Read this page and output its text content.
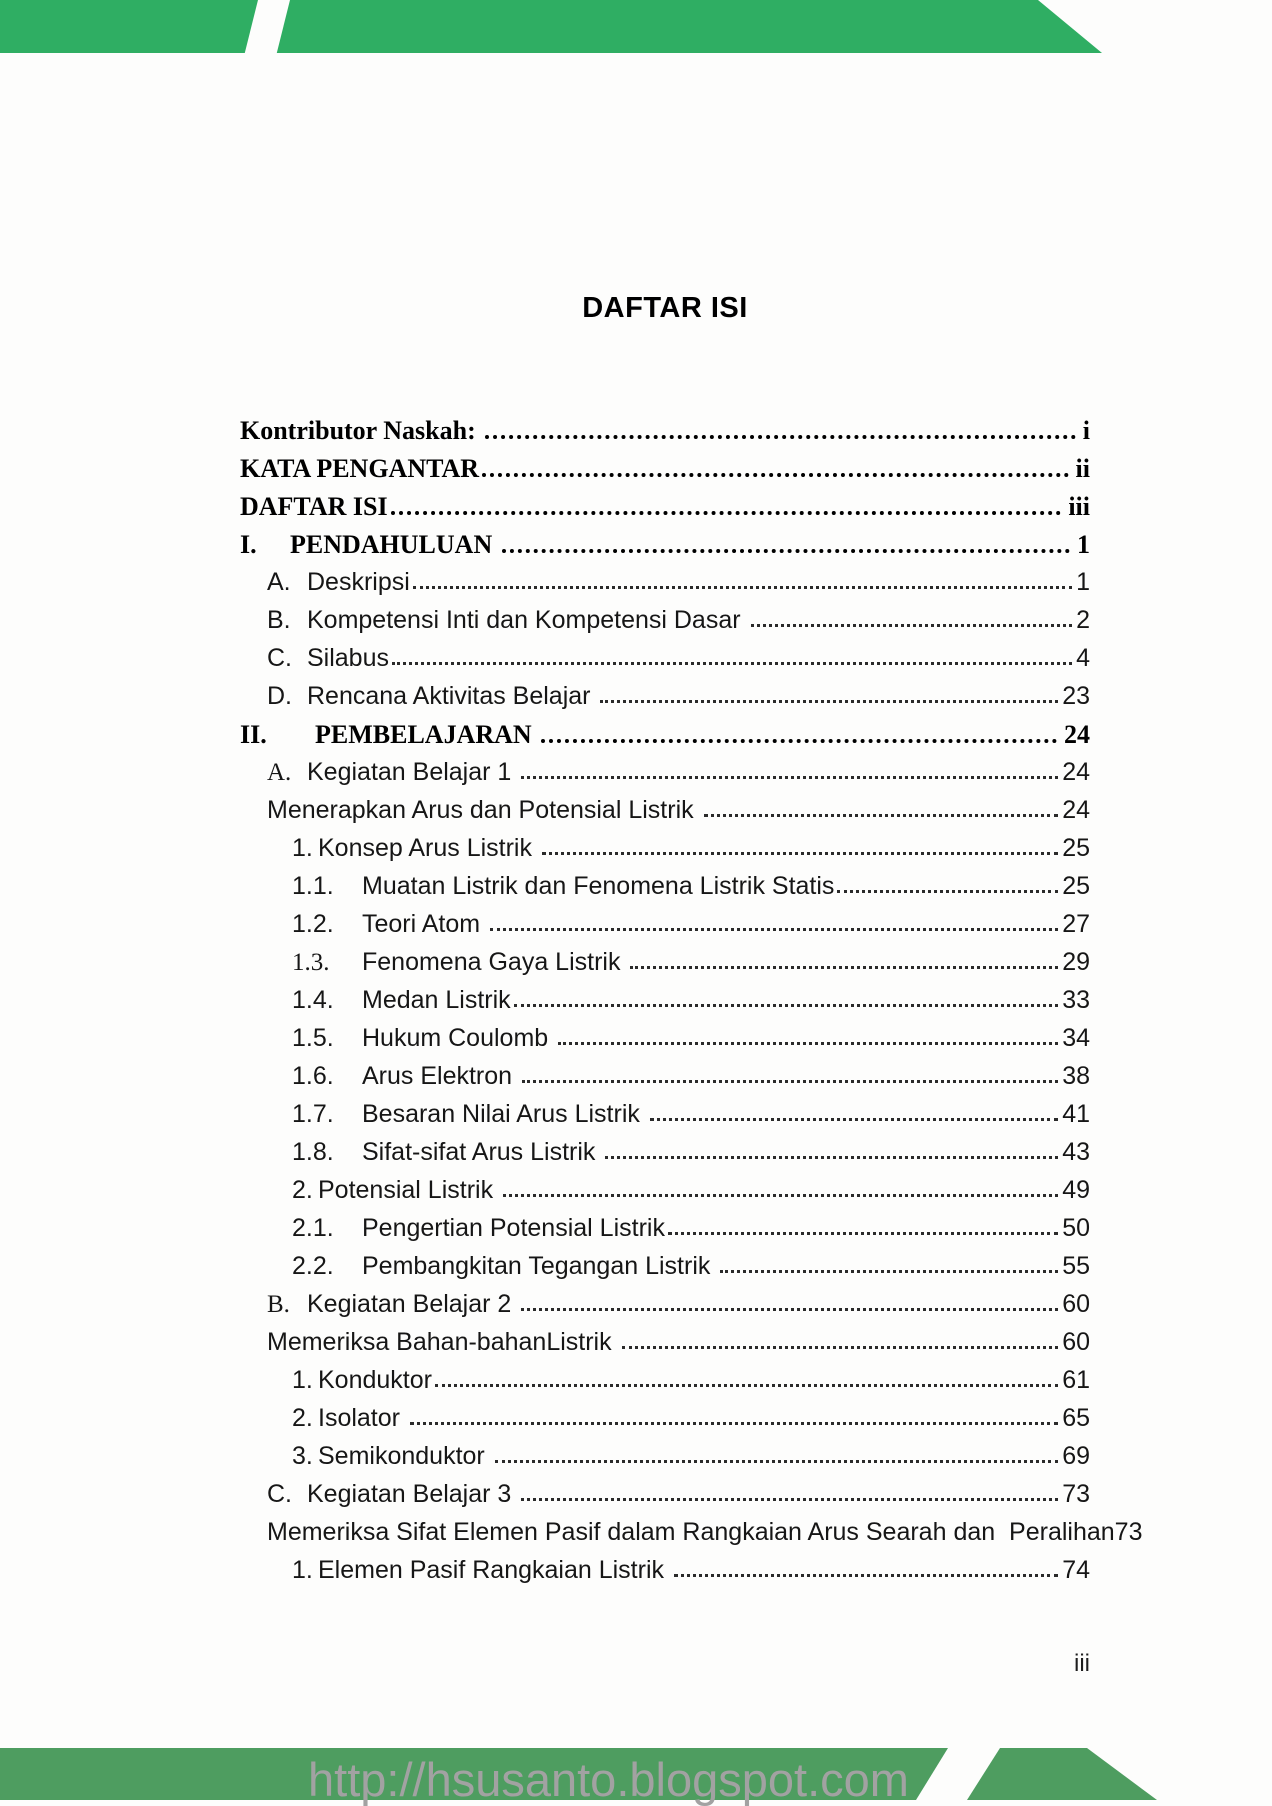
DAFTAR ISI
Kontributor Naskah: ​	i
KATA PENGANTAR ​	ii
DAFTAR ISI ​	iii
I.	PENDAHULUAN ​	1
A. Deskripsi ​	1
B. Kompetensi Inti dan Kompetensi Dasar ​	2
C. Silabus ​	4
D. Rencana Aktivitas Belajar ​	23
II.	PEMBELAJARAN ​	24
A. Kegiatan Belajar 1 ​	24
Menerapkan Arus dan Potensial Listrik ​	24
1. Konsep Arus Listrik ​	25
1.1.	Muatan Listrik dan Fenomena Listrik Statis ​	25
1.2.	Teori Atom ​	27
1.3.	Fenomena Gaya Listrik ​	29
1.4.	Medan Listrik ​	33
1.5.	Hukum Coulomb ​	34
1.6.	Arus Elektron ​	38
1.7.	Besaran Nilai Arus Listrik ​	41
1.8.	Sifat-sifat Arus Listrik ​	43
2. Potensial Listrik ​	49
2.1.	Pengertian Potensial Listrik ​	50
2.2.	Pembangkitan Tegangan Listrik ​	55
B. Kegiatan Belajar 2 ​	60
Memeriksa Bahan-bahanListrik ​	60
1. Konduktor ​	61
2. Isolator ​	65
3. Semikonduktor ​	69
C. Kegiatan Belajar 3 ​	73
Memeriksa Sifat Elemen Pasif dalam Rangkaian Arus Searah dan  Peralihan 73
1. Elemen Pasif Rangkaian Listrik ​	74
iii
http://hsusanto.blogspot.com
